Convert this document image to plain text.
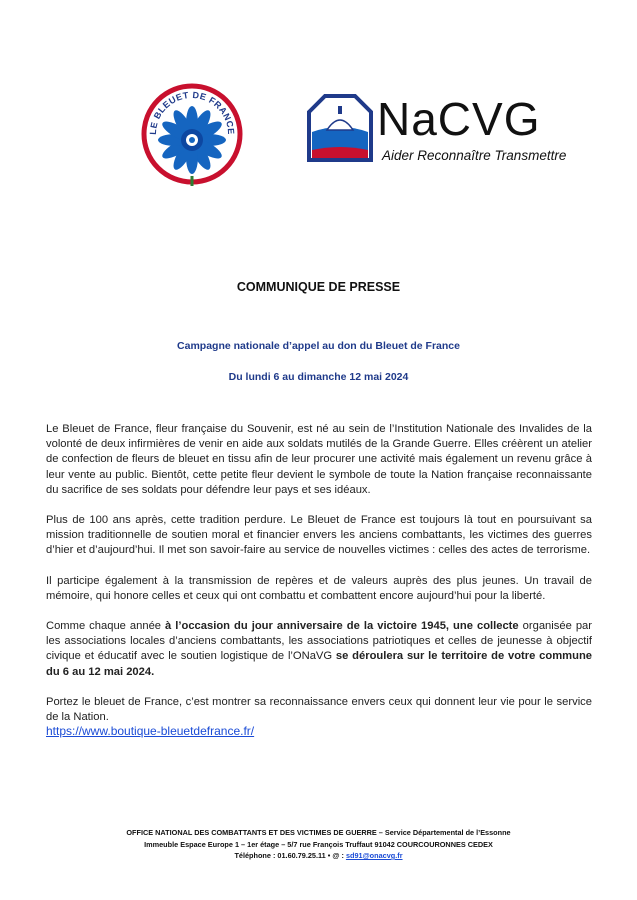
LE BLEUET DE FRANCE	NaCVG
Aider Reconnaître Transmettre
COMMUNIQUE DE PRESSE
Campagne nationale d’appel au don du Bleuet de France
Du lundi 6 au dimanche 12 mai 2024

Le Bleuet de France, fleur française du Souvenir, est né au sein de l’Institution Nationale des Invalides de la volonté de deux infirmières de venir en aide aux soldats mutilés de la Grande Guerre. Elles créèrent un atelier de confection de fleurs de bleuet en tissu afin de leur procurer une activité mais également un revenu grâce à leur vente au public. Bientôt, cette petite fleur devient le symbole de toute la Nation française reconnaissante du sacrifice de ses soldats pour défendre leur pays et ses idéaux.

Plus de 100 ans après, cette tradition perdure. Le Bleuet de France est toujours là tout en poursuivant sa mission traditionnelle de soutien moral et financier envers les anciens combattants, les victimes des guerres d’hier et d’aujourd’hui. Il met son savoir-faire au service de nouvelles victimes : celles des actes de terrorisme.

Il participe également à la transmission de repères et de valeurs auprès des plus jeunes. Un travail de mémoire, qui honore celles et ceux qui ont combattu et combattent encore aujourd’hui pour la liberté.

Comme chaque année à l’occasion du jour anniversaire de la victoire 1945, une collecte organisée par les associations locales d’anciens combattants, les associations patriotiques et celles de jeunesse à objectif civique et éducatif avec le soutien logistique de l’ONaVG se déroulera sur le territoire de votre commune du 6 au 12 mai 2024.

Portez le bleuet de France, c’est montrer sa reconnaissance envers ceux qui donnent leur vie pour le service de la Nation.

https://www.boutique-bleuetdefrance.fr/
OFFICE NATIONAL DES COMBATTANTS ET DES VICTIMES DE GUERRE – Service Départemental de l’Essonne
Immeuble Espace Europe 1 – 1er étage – 5/7 rue François Truffaut 91042 COURCOURONNES CEDEX
Téléphone : 01.60.79.25.11 • @ : sd91@onacvg.fr
